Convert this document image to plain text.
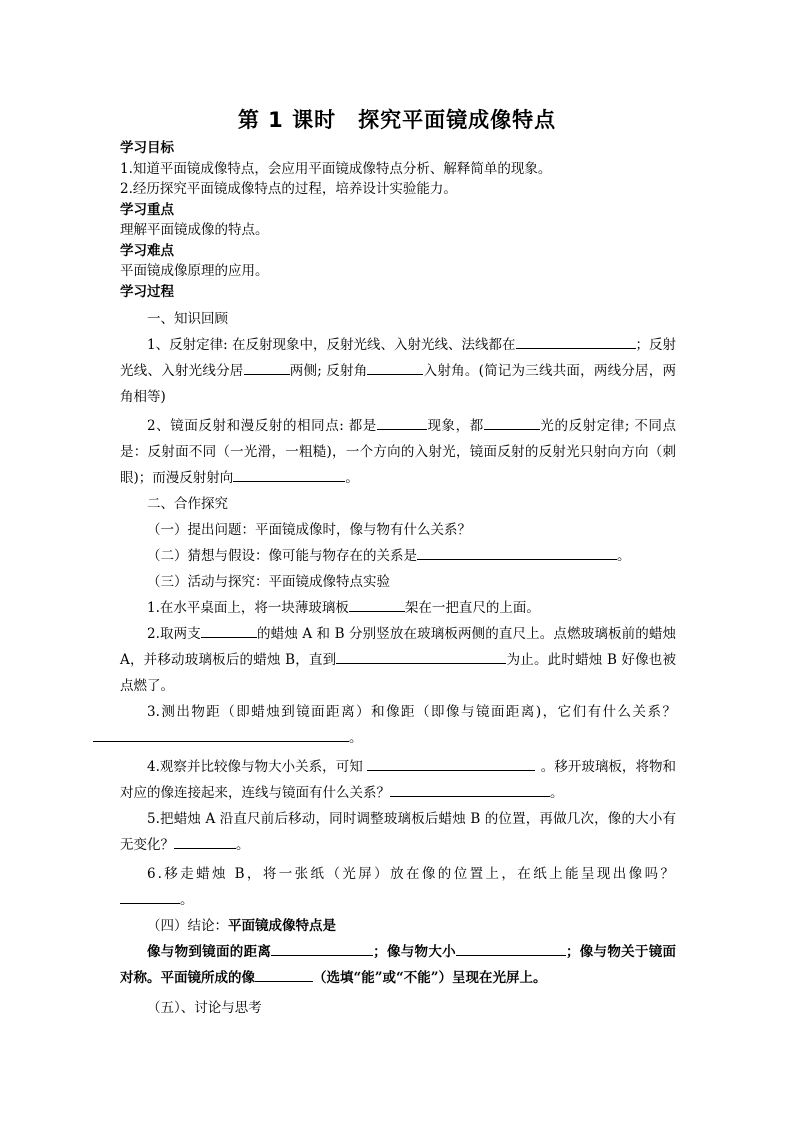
第 1 课时　探究平面镜成像特点
学习目标
1.知道平面镜成像特点，会应用平面镜成像特点分析、解释简单的现象。
2.经历探究平面镜成像特点的过程，培养设计实验能力。
学习重点
理解平面镜成像的特点。
学习难点
平面镜成像原理的应用。
学习过程

一、知识回顾

1、反射定律: 在反射现象中，反射光线、入射光线、法线都在	；反射光线、入射光线分居	两侧; 反射角	入射角。(简记为三线共面，两线分居，两角相等)

2、镜面反射和漫反射的相同点: 都是	现象，都	光的反射定律; 不同点是：反射面不同（一光滑，一粗糙)，一个方向的入射光，镜面反射的反射光只射向方向（刺眼)；而漫反射射向	。

二、合作探究

（一）提出问题：平面镜成像时，像与物有什么关系？

（二）猜想与假设：像可能与物存在的关系是	。

（三）活动与探究：平面镜成像特点实验

1.在水平桌面上，将一块薄玻璃板	架在一把直尺的上面。

2.取两支	的蜡烛 A 和 B 分别竖放在玻璃板两侧的直尺上。点燃玻璃板前的蜡烛 A，并移动玻璃板后的蜡烛 B，直到	为止。此时蜡烛 B 好像也被点燃了。

3.测出物距（即蜡烛到镜面距离）和像距（即像与镜面距离)，它们有什么关系？。

4.观察并比较像与物大小关系，可知	。移开玻璃板，将物和对应的像连接起来，连线与镜面有什么关系？	。

5.把蜡烛 A 沿直尺前后移动，同时调整玻璃板后蜡烛 B 的位置，再做几次，像的大小有无变化？	。

6.移走蜡烛 B，将一张纸（光屏）放在像的位置上，在纸上能呈现出像吗？。

（四）结论：平面镜成像特点是

像与物到镜面的距离	；像与物大小	；像与物关于镜面对称。平面镜所成的像	（选填“能”或“不能”）呈现在光屏上。

（五）、讨论与思考
